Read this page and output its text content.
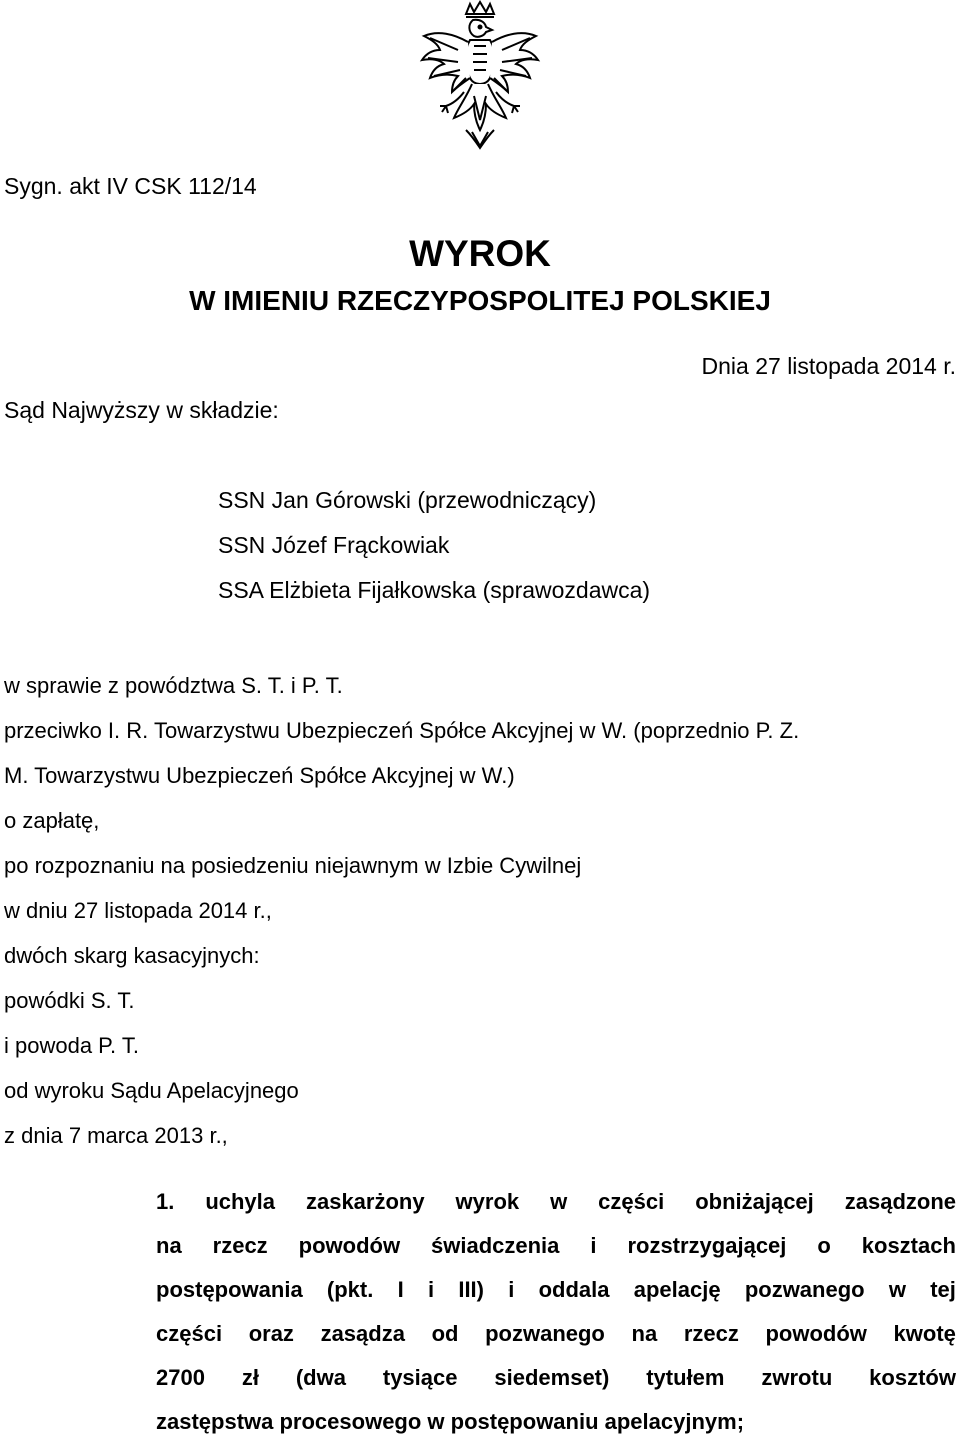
Sygn. akt IV CSK 112/14
WYROK
W IMIENIU RZECZYPOSPOLITEJ POLSKIEJ
Dnia 27 listopada 2014 r.
Sąd Najwyższy w składzie:
SSN Jan Górowski (przewodniczący)
SSN Józef Frąckowiak
SSA Elżbieta Fijałkowska (sprawozdawca)
w sprawie z powództwa S. T. i P. T.
przeciwko I. R. Towarzystwu Ubezpieczeń Spółce Akcyjnej w W. (poprzednio P. Z.
M. Towarzystwu Ubezpieczeń Spółce Akcyjnej w W.)
o zapłatę,
po rozpoznaniu na posiedzeniu niejawnym w Izbie Cywilnej
w dniu 27 listopada 2014 r.,
dwóch skarg kasacyjnych:
powódki S. T.
i powoda P. T.
od wyroku Sądu Apelacyjnego
z dnia 7 marca 2013 r.,
1. uchyla zaskarżony wyrok w części obniżającej zasądzone
na rzecz powodów świadczenia i rozstrzygającej o kosztach
postępowania (pkt. I i III) i oddala apelację pozwanego w tej
części oraz zasądza od pozwanego na rzecz powodów kwotę
2700 zł (dwa tysiące siedemset) tytułem zwrotu kosztów
zastępstwa procesowego w postępowaniu apelacyjnym;
